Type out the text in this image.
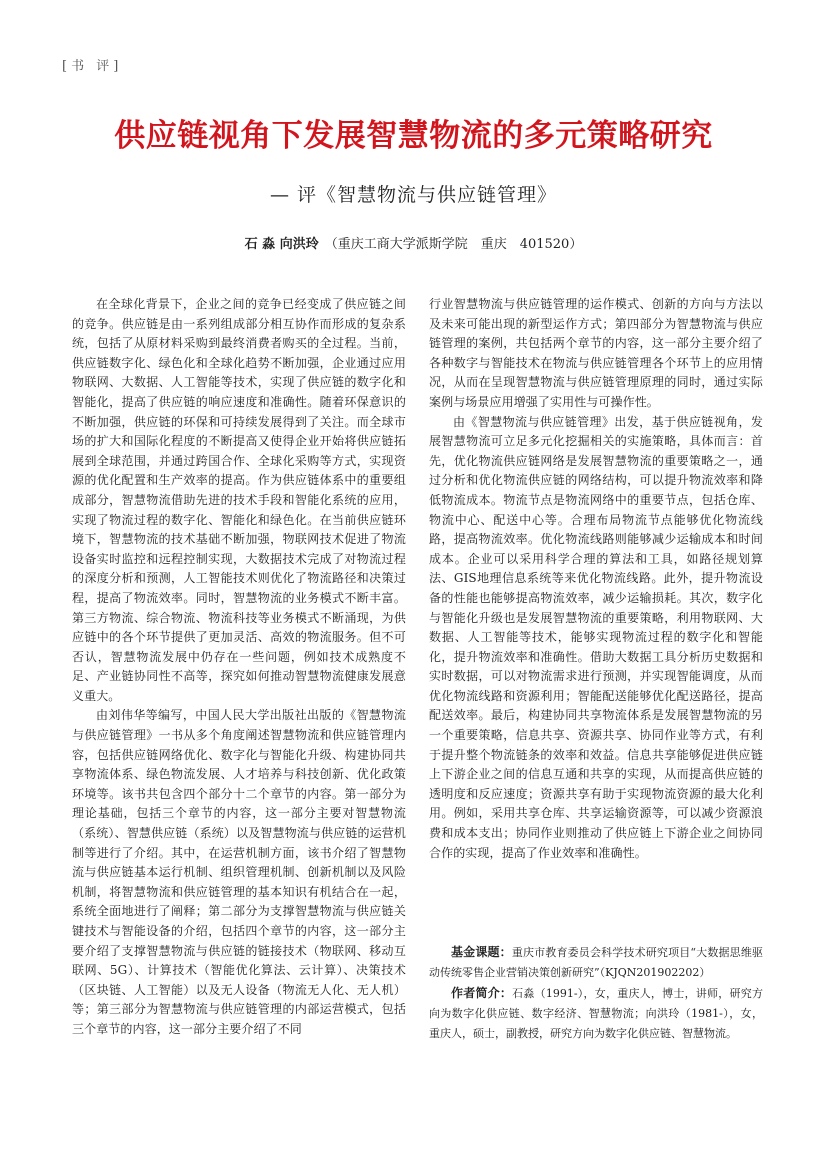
[书 评]
供应链视角下发展智慧物流的多元策略研究
— 评《智慧物流与供应链管理》
石 淼 向洪玲 （重庆工商大学派斯学院　重庆　401520）

在全球化背景下，企业之间的竞争已经变成了供应链之间的竞争。供应链是由一系列组成部分相互协作而形成的复杂系统，包括了从原材料采购到最终消费者购买的全过程。当前，供应链数字化、绿色化和全球化趋势不断加强，企业通过应用物联网、大数据、人工智能等技术，实现了供应链的数字化和智能化，提高了供应链的响应速度和准确性。随着环保意识的不断加强，供应链的环保和可持续发展得到了关注。而全球市场的扩大和国际化程度的不断提高又使得企业开始将供应链拓展到全球范围，并通过跨国合作、全球化采购等方式，实现资源的优化配置和生产效率的提高。作为供应链体系中的重要组成部分，智慧物流借助先进的技术手段和智能化系统的应用，实现了物流过程的数字化、智能化和绿色化。在当前供应链环境下，智慧物流的技术基础不断加强，物联网技术促进了物流设备实时监控和远程控制实现，大数据技术完成了对物流过程的深度分析和预测，人工智能技术则优化了物流路径和决策过程，提高了物流效率。同时，智慧物流的业务模式不断丰富。第三方物流、综合物流、物流科技等业务模式不断涌现，为供应链中的各个环节提供了更加灵活、高效的物流服务。但不可否认，智慧物流发展中仍存在一些问题，例如技术成熟度不足、产业链协同性不高等，探究如何推动智慧物流健康发展意义重大。

由刘伟华等编写，中国人民大学出版社出版的《智慧物流与供应链管理》一书从多个角度阐述智慧物流和供应链管理内容，包括供应链网络优化、数字化与智能化升级、构建协同共享物流体系、绿色物流发展、人才培养与科技创新、优化政策环境等。该书共包含四个部分十二个章节的内容。第一部分为理论基础，包括三个章节的内容，这一部分主要对智慧物流（系统）、智慧供应链（系统）以及智慧物流与供应链的运营机制等进行了介绍。其中，在运营机制方面，该书介绍了智慧物流与供应链基本运行机制、组织管理机制、创新机制以及风险机制，将智慧物流和供应链管理的基本知识有机结合在一起，系统全面地进行了阐释；第二部分为支撑智慧物流与供应链关键技术与智能设备的介绍，包括四个章节的内容，这一部分主要介绍了支撑智慧物流与供应链的链接技术（物联网、移动互联网、5G）、计算技术（智能优化算法、云计算）、决策技术（区块链、人工智能）以及无人设备（物流无人化、无人机）等；第三部分为智慧物流与供应链管理的内部运营模式，包括三个章节的内容，这一部分主要介绍了不同

行业智慧物流与供应链管理的运作模式、创新的方向与方法以及未来可能出现的新型运作方式；第四部分为智慧物流与供应链管理的案例，共包括两个章节的内容，这一部分主要介绍了各种数字与智能技术在物流与供应链管理各个环节上的应用情况，从而在呈现智慧物流与供应链管理原理的同时，通过实际案例与场景应用增强了实用性与可操作性。

由《智慧物流与供应链管理》出发，基于供应链视角，发展智慧物流可立足多元化挖掘相关的实施策略，具体而言：首先，优化物流供应链网络是发展智慧物流的重要策略之一，通过分析和优化物流供应链的网络结构，可以提升物流效率和降低物流成本。物流节点是物流网络中的重要节点，包括仓库、物流中心、配送中心等。合理布局物流节点能够优化物流线路，提高物流效率。优化物流线路则能够减少运输成本和时间成本。企业可以采用科学合理的算法和工具，如路径规划算法、GIS地理信息系统等来优化物流线路。此外，提升物流设备的性能也能够提高物流效率，减少运输损耗。其次，数字化与智能化升级也是发展智慧物流的重要策略，利用物联网、大数据、人工智能等技术，能够实现物流过程的数字化和智能化，提升物流效率和准确性。借助大数据工具分析历史数据和实时数据，可以对物流需求进行预测，并实现智能调度，从而优化物流线路和资源利用；智能配送能够优化配送路径，提高配送效率。最后，构建协同共享物流体系是发展智慧物流的另一个重要策略，信息共享、资源共享、协同作业等方式，有利于提升整个物流链条的效率和效益。信息共享能够促进供应链上下游企业之间的信息互通和共享的实现，从而提高供应链的透明度和反应速度；资源共享有助于实现物流资源的最大化利用。例如，采用共享仓库、共享运输资源等，可以减少资源浪费和成本支出；协同作业则推动了供应链上下游企业之间协同合作的实现，提高了作业效率和准确性。

基金课题：重庆市教育委员会科学技术研究项目“大数据思维驱动传统零售企业营销决策创新研究”（KJQN201902202）

作者简介：石淼（1991-），女，重庆人，博士，讲师，研究方向为数字化供应链、数字经济、智慧物流；向洪玲（1981-），女，重庆人，硕士，副教授，研究方向为数字化供应链、智慧物流。
